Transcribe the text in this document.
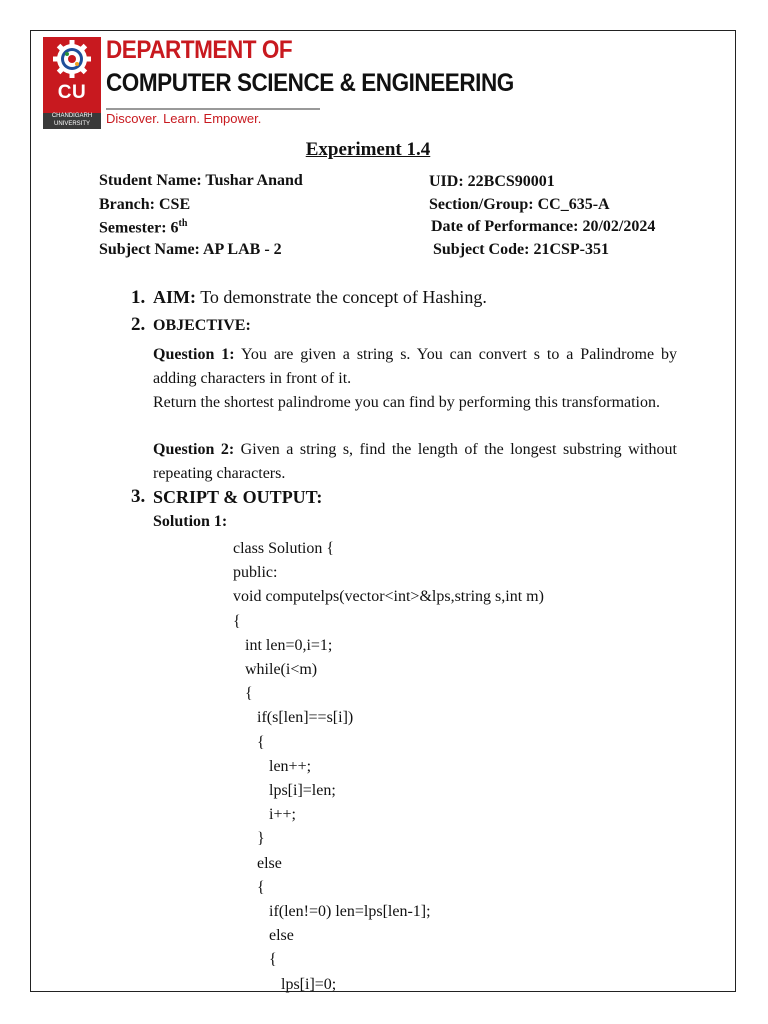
CU
CHANDIGARH UNIVERSITY
DEPARTMENT OF
COMPUTER SCIENCE & ENGINEERING
Discover. Learn. Empower.
Experiment 1.4
Student Name: Tushar Anand	UID: 22BCS90001
Branch: CSE	Section/Group: CC_635-A
Semester: 6th	Date of Performance: 20/02/2024
Subject Name: AP LAB - 2	Subject Code: 21CSP-351
1. AIM: To demonstrate the concept of Hashing.
2. OBJECTIVE:
Question 1: You are given a string s. You can convert s to a Palindrome by adding characters in front of it.
Return the shortest palindrome you can find by performing this transformation.
Question 2: Given a string s, find the length of the longest substring without repeating characters.
3. SCRIPT & OUTPUT:
Solution 1:
class Solution {
public:
void computelps(vector<int>&lps,string s,int m)
{
int len=0,i=1;
while(i<m)
{
if(s[len]==s[i])
{
len++;
lps[i]=len;
i++;
}
else
{
if(len!=0) len=lps[len-1];
else
{
lps[i]=0;
